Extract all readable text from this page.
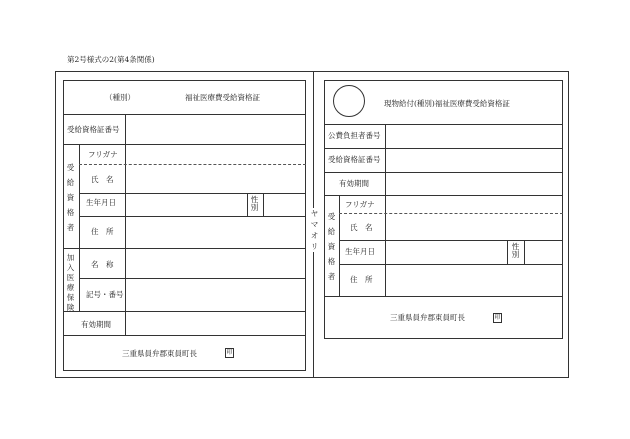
第2号様式の2(第4条関係)
（種別）	福祉医療費受給資格証
受給資格証番号
受給資格者
フリガナ
氏　名
生年月日	性別
住　所
加入医療保険
名　称
記号・番号
有効期間
三重県員弁郡東員町長	印
ヤマオリ
現物給付(種別)福祉医療費受給資格証
公費負担者番号
受給資格証番号
有効期間
受給資格者
フリガナ
氏　名
生年月日
性別
住　所
三重県員弁郡東員町長	印
